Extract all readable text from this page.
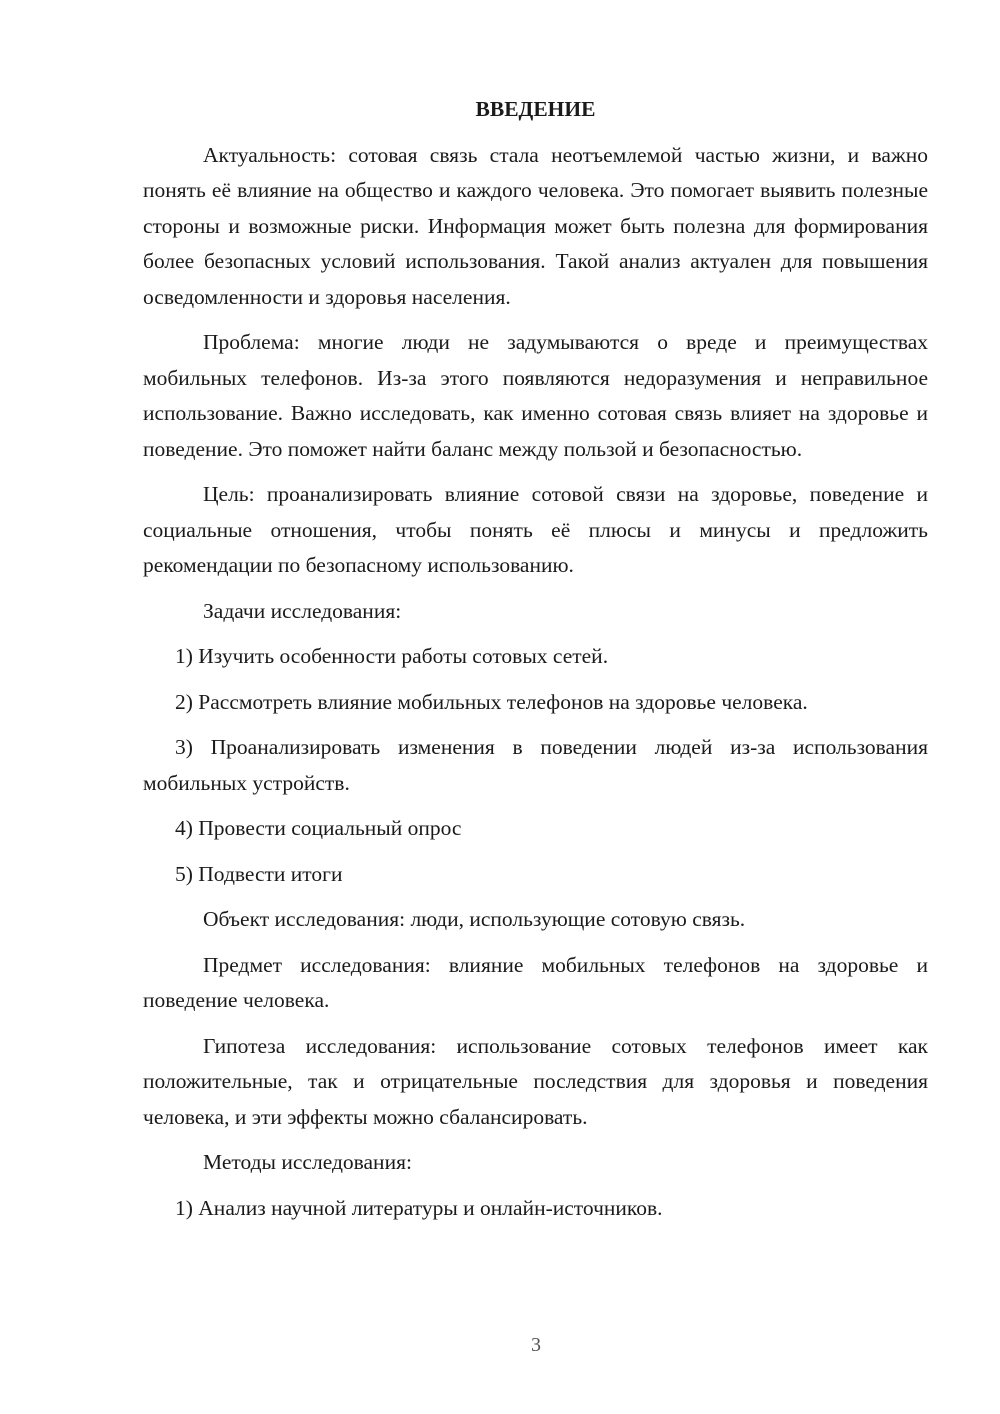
ВВЕДЕНИЕ

Актуальность: сотовая связь стала неотъемлемой частью жизни, и важно понять её влияние на общество и каждого человека. Это помогает выявить полезные стороны и возможные риски. Информация может быть полезна для формирования более безопасных условий использования. Такой анализ актуален для повышения осведомленности и здоровья населения.

Проблема: многие люди не задумываются о вреде и преимуществах мобильных телефонов. Из-за этого появляются недоразумения и неправильное использование. Важно исследовать, как именно сотовая связь влияет на здоровье и поведение. Это поможет найти баланс между пользой и безопасностью.

Цель: проанализировать влияние сотовой связи на здоровье, поведение и социальные отношения, чтобы понять её плюсы и минусы и предложить рекомендации по безопасному использованию.

Задачи исследования:

1) Изучить особенности работы сотовых сетей.

2) Рассмотреть влияние мобильных телефонов на здоровье человека.

3) Проанализировать изменения в поведении людей из-за использования мобильных устройств.

4) Провести социальный опрос

5) Подвести итоги

Объект исследования: люди, использующие сотовую связь.

Предмет исследования: влияние мобильных телефонов на здоровье и поведение человека.

Гипотеза исследования: использование сотовых телефонов имеет как положительные, так и отрицательные последствия для здоровья и поведения человека, и эти эффекты можно сбалансировать.

Методы исследования:

1) Анализ научной литературы и онлайн-источников.

3
